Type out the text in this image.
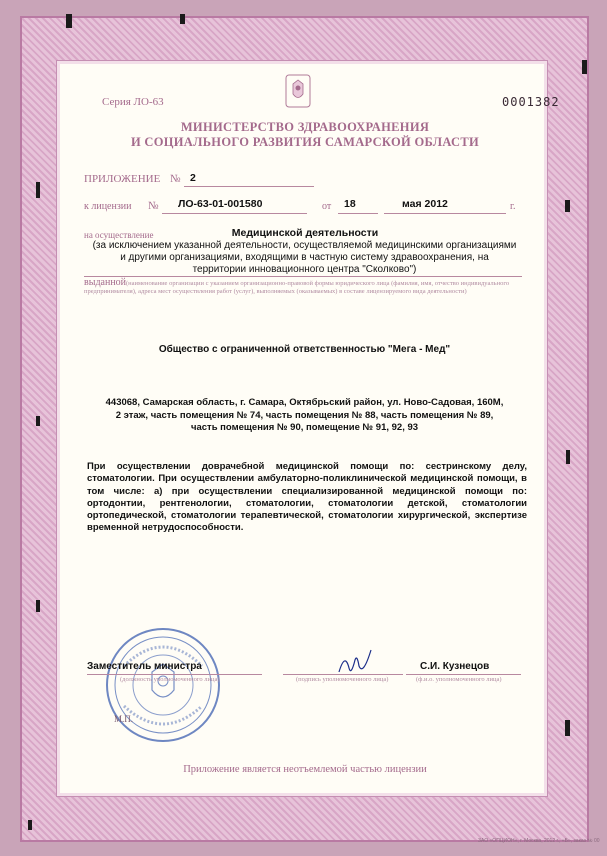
Серия ЛО-63	0001382
МИНИСТЕРСТВО ЗДРАВООХРАНЕНИЯ
И СОЦИАЛЬНОГО РАЗВИТИЯ САМАРСКОЙ ОБЛАСТИ
ПРИЛОЖЕНИЕ № 2
к лицензии № ЛО-63-01-001580	от 18	мая 2012	г.
на осуществление	Медицинской деятельности
(за исключением указанной деятельности, осуществляемой медицинскими организациями
и другими организациями, входящими в частную систему здравоохранения, на
территории инновационного центра "Сколково")
выданной (наименование организации с указанием организационно-правовой формы юридического лица (фамилия, имя, отчество индивидуального предпринимателя), адреса мест осуществления работ (услуг), выполняемых (оказываемых) в составе лицензируемого вида деятельности)
Общество с ограниченной ответственностью "Мега - Мед"
443068, Самарская область, г. Самара, Октябрьский район, ул. Ново-Садовая, 160М,
2 этаж, часть помещения № 74, часть помещения № 88, часть помещения № 89,
часть помещения № 90, помещение № 91, 92, 93
При осуществлении доврачебной медицинской помощи по: сестринскому делу, стоматологии. При осуществлении амбулаторно-поликлинической медицинской помощи, в том числе: а) при осуществлении специализированной медицинской помощи по: ортодонтии, рентгенологии, стоматологии, стоматологии детской, стоматологии ортопедической, стоматологии терапевтической, стоматологии хирургической, экспертизе временной нетрудоспособности.
Заместитель министра
(должность уполномоченного лица)	(подпись уполномоченного лица)
С.И. Кузнецов
(ф.и.о. уполномоченного лица)
М.П.
Приложение является неотъемлемой частью лицензии
ЗАО «ОПЦИОН», г. Москва, 2012 г., «Б», заказ № 00
